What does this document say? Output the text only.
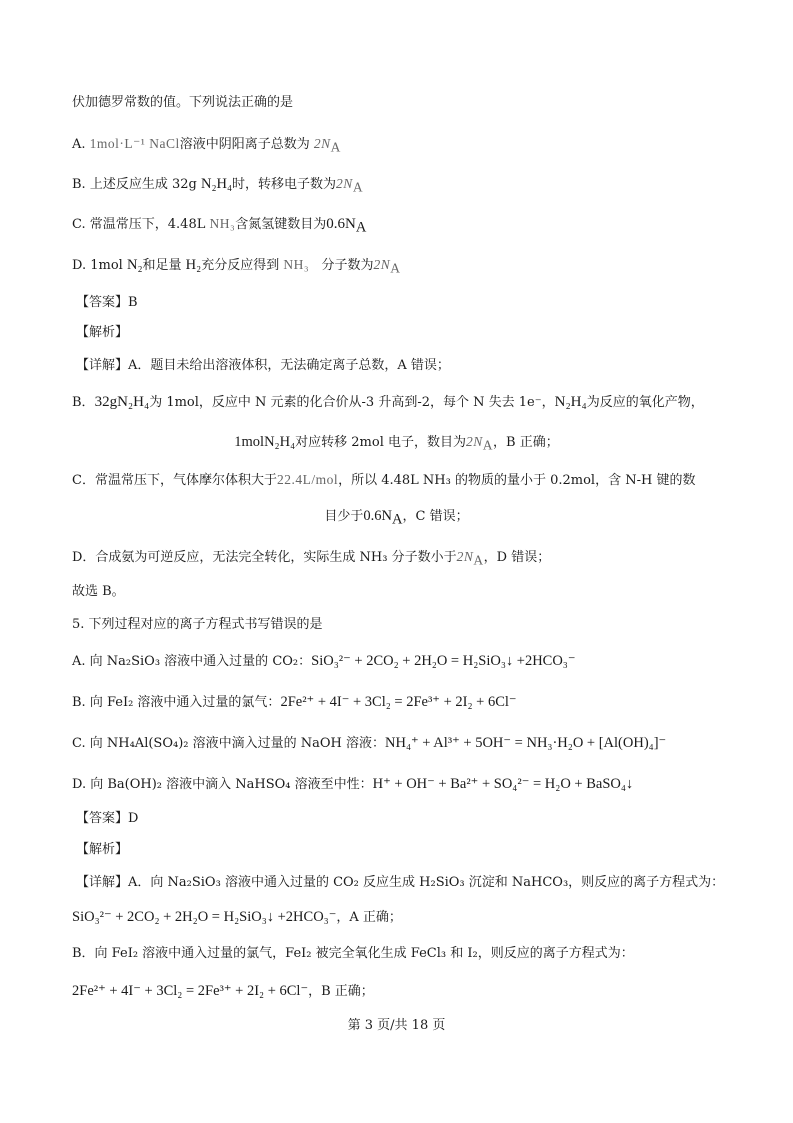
伏加德罗常数的值。下列说法正确的是
A. 1mol·L⁻¹ NaCl溶液中阴阳离子总数为 $2N_A$
B. 上述反应生成 32g N₂H₄时，转移电子数为$2N_A$
C. 常温常压下，4.48L NH₃含氮氢键数目为$0.6N_A$
D. 1mol N₂和足量 H₂充分反应得到 NH₃ 分子数为$2N_A$
【答案】B
【解析】
【详解】A．题目未给出溶液体积，无法确定离子总数，A 错误；
B．32gN₂H₄为 1mol，反应中 N 元素的化合价从-3 升高到-2，每个 N 失去 1e⁻，N₂H₄为反应的氧化产物，
1molN₂H₄对应转移 2mol 电子，数目为$2N_A$，B 正确；
C．常温常压下，气体摩尔体积大于22.4L/mol，所以 4.48L NH₃ 的物质的量小于 0.2mol，含 N-H 键的数
目少于$0.6N_A$，C 错误；
D．合成氨为可逆反应，无法完全转化，实际生成 NH₃ 分子数小于$2N_A$，D 错误；
故选 B。
5. 下列过程对应的离子方程式书写错误的是
A. 向 Na₂SiO₃ 溶液中通入过量的 CO₂：SiO₃²⁻ + 2CO₂ + 2H₂O = H₂SiO₃↓ +2HCO₃⁻
B. 向 FeI₂ 溶液中通入过量的氯气：2Fe²⁺ + 4I⁻ + 3Cl₂ = 2Fe³⁺ + 2I₂ + 6Cl⁻
C. 向 NH₄Al(SO₄)₂ 溶液中滴入过量的 NaOH 溶液：NH₄⁺ + Al³⁺ + 5OH⁻ = NH₃·H₂O + [Al(OH)₄]⁻
D. 向 Ba(OH)₂ 溶液中滴入 NaHSO₄ 溶液至中性：H⁺ + OH⁻ + Ba²⁺ + SO₄²⁻ = H₂O + BaSO₄↓
【答案】D
【解析】
【详解】A．向 Na₂SiO₃ 溶液中通入过量的 CO₂ 反应生成 H₂SiO₃ 沉淀和 NaHCO₃，则反应的离子方程式为：
SiO₃²⁻ + 2CO₂ + 2H₂O = H₂SiO₃↓ +2HCO₃⁻，A 正确；
B．向 FeI₂ 溶液中通入过量的氯气，FeI₂ 被完全氧化生成 FeCl₃ 和 I₂，则反应的离子方程式为：
2Fe²⁺ + 4I⁻ + 3Cl₂ = 2Fe³⁺ + 2I₂ + 6Cl⁻，B 正确；
第 3 页/共 18 页
